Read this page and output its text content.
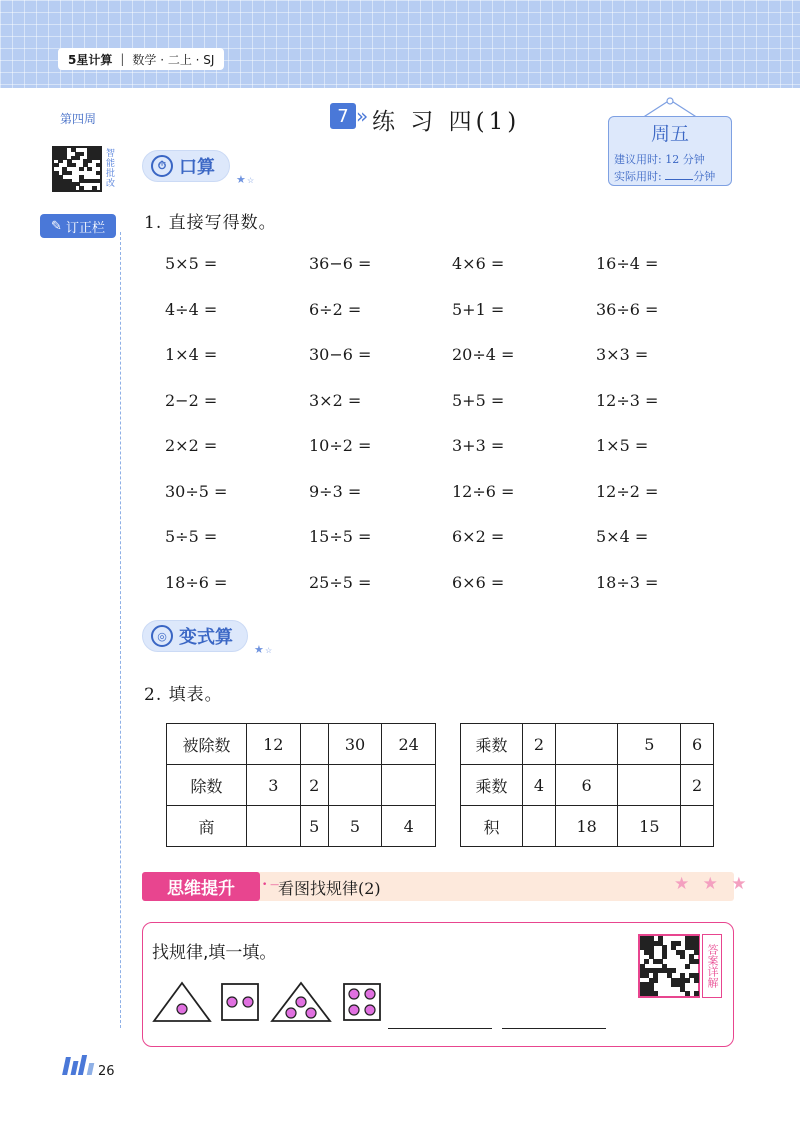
5星计算 | 数学 · 二上 · SJ
第四周
智能批改
✎ 订正栏
7 » 练 习 四(1)	周五
建议用时: 12 分钟
实际用时:	分钟
⏱ 口算
★ ☆
1. 直接写得数。
5×5 =	36−6 =	4×6 =	16÷4 =
4÷4 =	6÷2 =	5+1 =	36÷6 =
1×4 =	30−6 =	20÷4 =	3×3 =
2−2 =	3×2 =	5+5 =	12÷3 =
2×2 =	10÷2 =	3+3 =	1×5 =
30÷5 =	9÷3 =	12÷6 =	12÷2 =
5÷5 =	15÷5 =	6×2 =	5×4 =
18÷6 =	25÷5 =	6×6 =	18÷3 =
◎ 变式算
★ ☆
2. 填表。
被除数	12		30	24
除数	3	2		
商		5	5	4
乘数	2		5	6
乘数	4	6		2
积		18	15	
思维提升	• —
看图找规律(2)	★ ★ ★
找规律,填一填。	答案详解
26
